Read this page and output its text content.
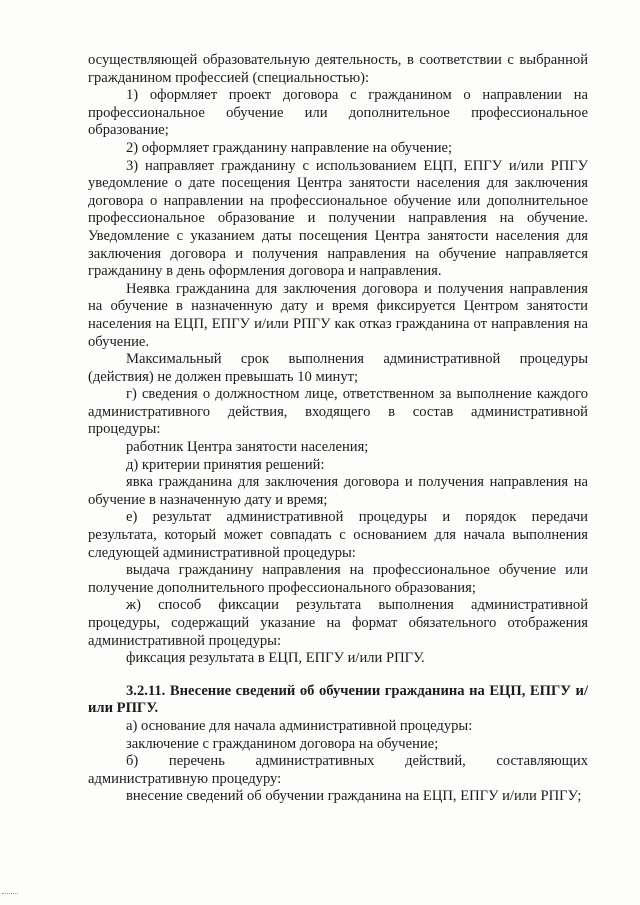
осуществляющей образовательную деятельность, в соответствии с выбранной гражданином профессией (специальностью):

1) оформляет проект договора с гражданином о направлении на профессиональное обучение или дополнительное профессиональное образование;

2) оформляет гражданину направление на обучение;

3) направляет гражданину с использованием ЕЦП, ЕПГУ и/или РПГУ уведомление о дате посещения Центра занятости населения для заключения договора о направлении на профессиональное обучение или дополнительное профессиональное образование и получении направления на обучение. Уведомление с указанием даты посещения Центра занятости населения для заключения договора и получения направления на обучение направляется гражданину в день оформления договора и направления.

Неявка гражданина для заключения договора и получения направления на обучение в назначенную дату и время фиксируется Центром занятости населения на ЕЦП, ЕПГУ и/или РПГУ как отказ гражданина от направления на обучение.

Максимальный срок выполнения административной процедуры (действия) не должен превышать 10 минут;

г) сведения о должностном лице, ответственном за выполнение каждого административного действия, входящего в состав административной процедуры:

работник Центра занятости населения;

д) критерии принятия решений:

явка гражданина для заключения договора и получения направления на обучение в назначенную дату и время;

е) результат административной процедуры и порядок передачи результата, который может совпадать с основанием для начала выполнения следующей административной процедуры:

выдача гражданину направления на профессиональное обучение или получение дополнительного профессионального образования;

ж) способ фиксации результата выполнения административной процедуры, содержащий указание на формат обязательного отображения административной процедуры:

фиксация результата в ЕЦП, ЕПГУ и/или РПГУ.

3.2.11. Внесение сведений об обучении гражданина на ЕЦП, ЕПГУ и/или РПГУ.

а) основание для начала административной процедуры:

заключение с гражданином договора на обучение;

б) перечень административных действий, составляющих административную процедуру:

внесение сведений об обучении гражданина на ЕЦП, ЕПГУ и/или РПГУ;
